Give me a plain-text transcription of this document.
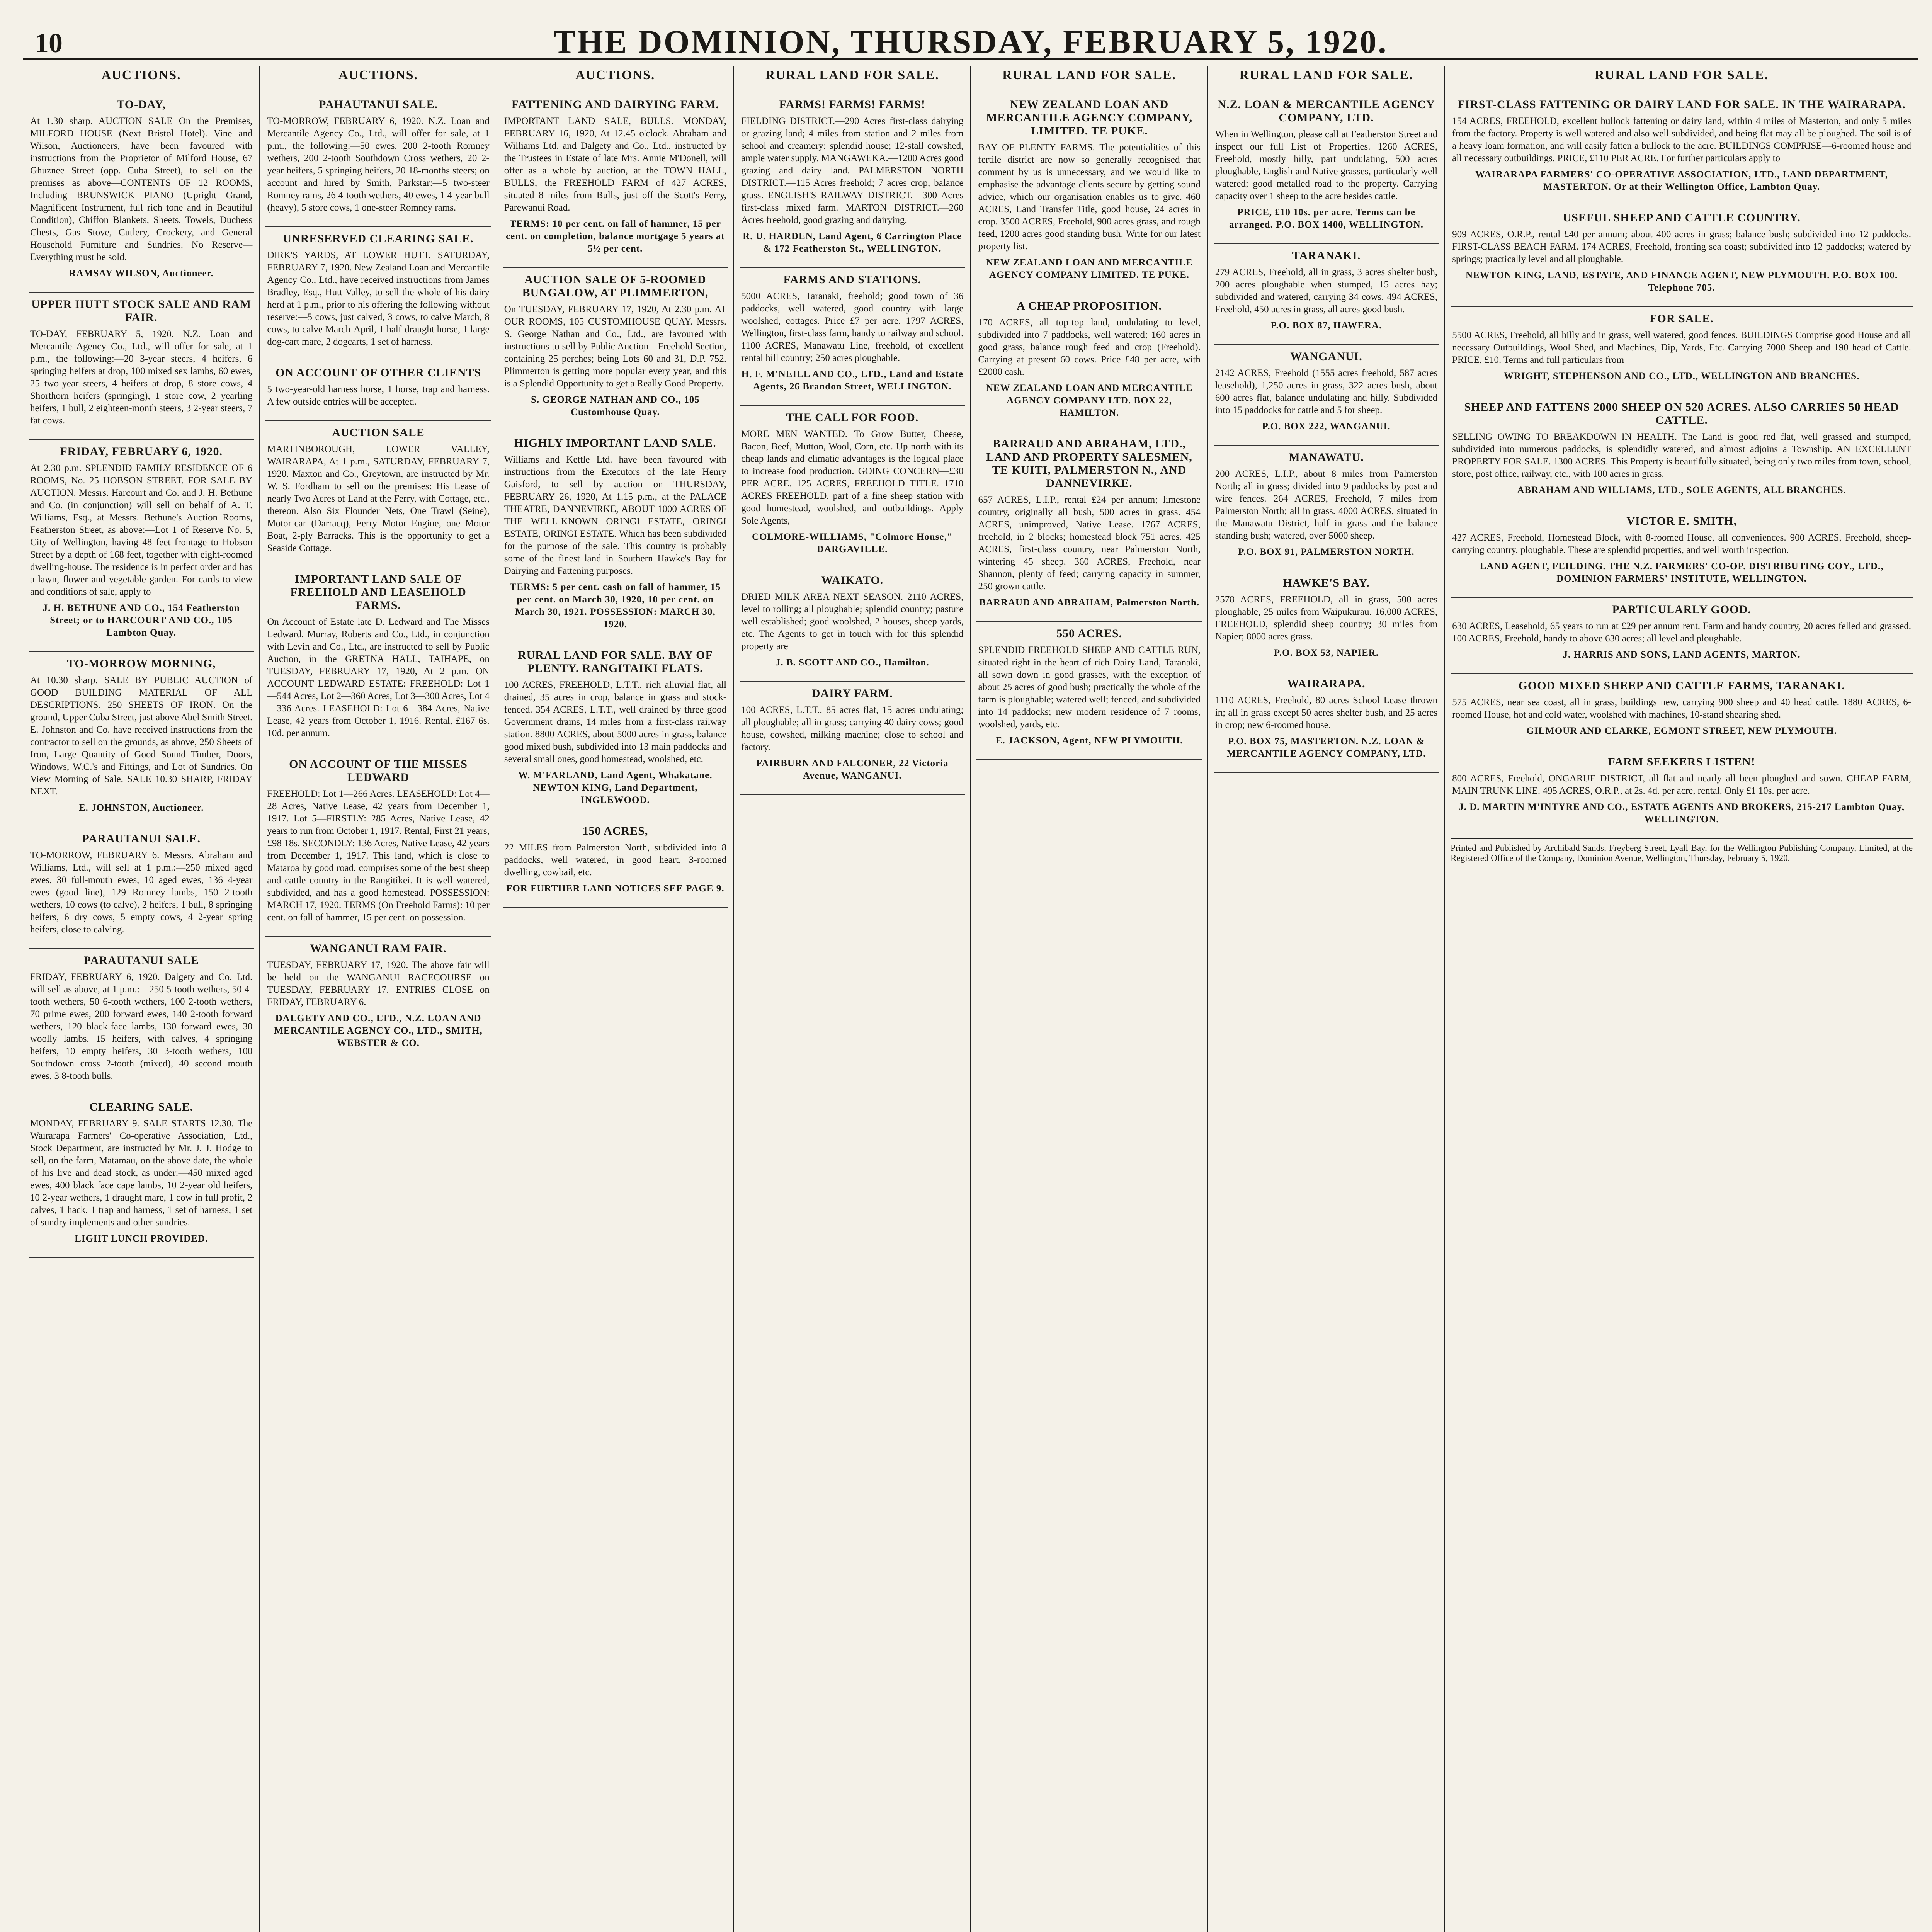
10	THE DOMINION, THURSDAY, FEBRUARY 5, 1920.
AUCTIONS.
TO-DAY,

At 1.30 sharp. AUCTION SALE On the Premises, MILFORD HOUSE (Next Bristol Hotel). Vine and Wilson, Auctioneers, have been favoured with instructions from the Proprietor of Milford House, 67 Ghuznee Street (opp. Cuba Street), to sell on the premises as above—CONTENTS OF 12 ROOMS, Including BRUNSWICK PIANO (Upright Grand, Magnificent Instrument, full rich tone and in Beautiful Condition), Chiffon Blankets, Sheets, Towels, Duchess Chests, Gas Stove, Cutlery, Crockery, and General Household Furniture and Sundries. No Reserve—Everything must be sold.

RAMSAY WILSON, Auctioneer.

UPPER HUTT STOCK SALE AND RAM FAIR.

TO-DAY, FEBRUARY 5, 1920. N.Z. Loan and Mercantile Agency Co., Ltd., will offer for sale, at 1 p.m., the following:—20 3-year steers, 4 heifers, 6 springing heifers at drop, 100 mixed sex lambs, 60 ewes, 25 two-year steers, 4 heifers at drop, 8 store cows, 4 Shorthorn heifers (springing), 1 store cow, 2 yearling heifers, 1 bull, 2 eighteen-month steers, 3 2-year steers, 7 fat cows.

FRIDAY, FEBRUARY 6, 1920.

At 2.30 p.m. SPLENDID FAMILY RESIDENCE OF 6 ROOMS, No. 25 HOBSON STREET. FOR SALE BY AUCTION. Messrs. Harcourt and Co. and J. H. Bethune and Co. (in conjunction) will sell on behalf of A. T. Williams, Esq., at Messrs. Bethune's Auction Rooms, Featherston Street, as above:—Lot 1 of Reserve No. 5, City of Wellington, having 48 feet frontage to Hobson Street by a depth of 168 feet, together with eight-roomed dwelling-house. The residence is in perfect order and has a lawn, flower and vegetable garden. For cards to view and conditions of sale, apply to

J. H. BETHUNE AND CO., 154 Featherston Street; or to HARCOURT AND CO., 105 Lambton Quay.

TO-MORROW MORNING,

At 10.30 sharp. SALE BY PUBLIC AUCTION of GOOD BUILDING MATERIAL OF ALL DESCRIPTIONS. 250 SHEETS OF IRON. On the ground, Upper Cuba Street, just above Abel Smith Street. E. Johnston and Co. have received instructions from the contractor to sell on the grounds, as above, 250 Sheets of Iron, Large Quantity of Good Sound Timber, Doors, Windows, W.C.'s and Fittings, and Lot of Sundries. On View Morning of Sale. SALE 10.30 SHARP, FRIDAY NEXT.

E. JOHNSTON, Auctioneer.

PARAUTANUI SALE.

TO-MORROW, FEBRUARY 6. Messrs. Abraham and Williams, Ltd., will sell at 1 p.m.:—250 mixed aged ewes, 30 full-mouth ewes, 10 aged ewes, 136 4-year ewes (good line), 129 Romney lambs, 150 2-tooth wethers, 10 cows (to calve), 2 heifers, 1 bull, 8 springing heifers, 6 dry cows, 5 empty cows, 4 2-year spring heifers, close to calving.

PARAUTANUI SALE

FRIDAY, FEBRUARY 6, 1920. Dalgety and Co. Ltd. will sell as above, at 1 p.m.:—250 5-tooth wethers, 50 4-tooth wethers, 50 6-tooth wethers, 100 2-tooth wethers, 70 prime ewes, 200 forward ewes, 140 2-tooth forward wethers, 120 black-face lambs, 130 forward ewes, 30 woolly lambs, 15 heifers, with calves, 4 springing heifers, 10 empty heifers, 30 3-tooth wethers, 100 Southdown cross 2-tooth (mixed), 40 second mouth ewes, 3 8-tooth bulls.

CLEARING SALE.

MONDAY, FEBRUARY 9. SALE STARTS 12.30. The Wairarapa Farmers' Co-operative Association, Ltd., Stock Department, are instructed by Mr. J. J. Hodge to sell, on the farm, Matamau, on the above date, the whole of his live and dead stock, as under:—450 mixed aged ewes, 400 black face cape lambs, 10 2-year old heifers, 10 2-year wethers, 1 draught mare, 1 cow in full profit, 2 calves, 1 hack, 1 trap and harness, 1 set of harness, 1 set of sundry implements and other sundries.

LIGHT LUNCH PROVIDED.

AUCTIONS.
PAHAUTANUI SALE.

TO-MORROW, FEBRUARY 6, 1920. N.Z. Loan and Mercantile Agency Co., Ltd., will offer for sale, at 1 p.m., the following:—50 ewes, 200 2-tooth Romney wethers, 200 2-tooth Southdown Cross wethers, 20 2-year heifers, 5 springing heifers, 20 18-months steers; on account and hired by Smith, Parkstar:—5 two-steer Romney rams, 26 4-tooth wethers, 40 ewes, 1 4-year bull (heavy), 5 store cows, 1 one-steer Romney rams.

UNRESERVED CLEARING SALE.

DIRK'S YARDS, AT LOWER HUTT. SATURDAY, FEBRUARY 7, 1920. New Zealand Loan and Mercantile Agency Co., Ltd., have received instructions from James Bradley, Esq., Hutt Valley, to sell the whole of his dairy herd at 1 p.m., prior to his offering the following without reserve:—5 cows, just calved, 3 cows, to calve March, 8 cows, to calve March-April, 1 half-draught horse, 1 large dog-cart mare, 2 dogcarts, 1 set of harness.

ON ACCOUNT OF OTHER CLIENTS

5 two-year-old harness horse, 1 horse, trap and harness. A few outside entries will be accepted.

AUCTION SALE

MARTINBOROUGH, LOWER VALLEY, WAIRARAPA, At 1 p.m., SATURDAY, FEBRUARY 7, 1920. Maxton and Co., Greytown, are instructed by Mr. W. S. Fordham to sell on the premises: His Lease of nearly Two Acres of Land at the Ferry, with Cottage, etc., thereon. Also Six Flounder Nets, One Trawl (Seine), Motor-car (Darracq), Ferry Motor Engine, one Motor Boat, 2-ply Barracks. This is the opportunity to get a Seaside Cottage.

IMPORTANT LAND SALE OF FREEHOLD AND LEASEHOLD FARMS.

On Account of Estate late D. Ledward and The Misses Ledward. Murray, Roberts and Co., Ltd., in conjunction with Levin and Co., Ltd., are instructed to sell by Public Auction, in the GRETNA HALL, TAIHAPE, on TUESDAY, FEBRUARY 17, 1920, At 2 p.m. ON ACCOUNT LEDWARD ESTATE: FREEHOLD: Lot 1—544 Acres, Lot 2—360 Acres, Lot 3—300 Acres, Lot 4—336 Acres. LEASEHOLD: Lot 6—384 Acres, Native Lease, 42 years from October 1, 1916. Rental, £167 6s. 10d. per annum.

ON ACCOUNT OF THE MISSES LEDWARD

FREEHOLD: Lot 1—266 Acres. LEASEHOLD: Lot 4—28 Acres, Native Lease, 42 years from December 1, 1917. Lot 5—FIRSTLY: 285 Acres, Native Lease, 42 years to run from October 1, 1917. Rental, First 21 years, £98 18s. SECONDLY: 136 Acres, Native Lease, 42 years from December 1, 1917. This land, which is close to Mataroa by good road, comprises some of the best sheep and cattle country in the Rangitikei. It is well watered, subdivided, and has a good homestead. POSSESSION: MARCH 17, 1920. TERMS (On Freehold Farms): 10 per cent. on fall of hammer, 15 per cent. on possession.

WANGANUI RAM FAIR.

TUESDAY, FEBRUARY 17, 1920. The above fair will be held on the WANGANUI RACECOURSE on TUESDAY, FEBRUARY 17. ENTRIES CLOSE on FRIDAY, FEBRUARY 6.

DALGETY AND CO., LTD., N.Z. LOAN AND MERCANTILE AGENCY CO., LTD., SMITH, WEBSTER & CO.

AUCTIONS.
FATTENING AND DAIRYING FARM.

IMPORTANT LAND SALE, BULLS. MONDAY, FEBRUARY 16, 1920, At 12.45 o'clock. Abraham and Williams Ltd. and Dalgety and Co., Ltd., instructed by the Trustees in Estate of late Mrs. Annie M'Donell, will offer as a whole by auction, at the TOWN HALL, BULLS, the FREEHOLD FARM of 427 ACRES, situated 8 miles from Bulls, just off the Scott's Ferry, Parewanui Road.

TERMS: 10 per cent. on fall of hammer, 15 per cent. on completion, balance mortgage 5 years at 5½ per cent.

AUCTION SALE OF 5-ROOMED BUNGALOW, AT PLIMMERTON,

On TUESDAY, FEBRUARY 17, 1920, At 2.30 p.m. AT OUR ROOMS, 105 CUSTOMHOUSE QUAY. Messrs. S. George Nathan and Co., Ltd., are favoured with instructions to sell by Public Auction—Freehold Section, containing 25 perches; being Lots 60 and 31, D.P. 752. Plimmerton is getting more popular every year, and this is a Splendid Opportunity to get a Really Good Property.

S. GEORGE NATHAN AND CO., 105 Customhouse Quay.

HIGHLY IMPORTANT LAND SALE.

Williams and Kettle Ltd. have been favoured with instructions from the Executors of the late Henry Gaisford, to sell by auction on THURSDAY, FEBRUARY 26, 1920, At 1.15 p.m., at the PALACE THEATRE, DANNEVIRKE, ABOUT 1000 ACRES OF THE WELL-KNOWN ORINGI ESTATE, ORINGI ESTATE, ORINGI ESTATE. Which has been subdivided for the purpose of the sale. This country is probably some of the finest land in Southern Hawke's Bay for Dairying and Fattening purposes.

TERMS: 5 per cent. cash on fall of hammer, 15 per cent. on March 30, 1920, 10 per cent. on March 30, 1921. POSSESSION: MARCH 30, 1920.

RURAL LAND FOR SALE. BAY OF PLENTY. RANGITAIKI FLATS.

100 ACRES, FREEHOLD, L.T.T., rich alluvial flat, all drained, 35 acres in crop, balance in grass and stock-fenced. 354 ACRES, L.T.T., well drained by three good Government drains, 14 miles from a first-class railway station. 8800 ACRES, about 5000 acres in grass, balance good mixed bush, subdivided into 13 main paddocks and several small ones, good homestead, woolshed, etc.

W. M'FARLAND, Land Agent, Whakatane. NEWTON KING, Land Department, INGLEWOOD.

150 ACRES,

22 MILES from Palmerston North, subdivided into 8 paddocks, well watered, in good heart, 3-roomed dwelling, cowbail, etc.

FOR FURTHER LAND NOTICES SEE PAGE 9.

RURAL LAND FOR SALE.
FARMS! FARMS! FARMS!

FIELDING DISTRICT.—290 Acres first-class dairying or grazing land; 4 miles from station and 2 miles from school and creamery; splendid house; 12-stall cowshed, ample water supply. MANGAWEKA.—1200 Acres good grazing and dairy land. PALMERSTON NORTH DISTRICT.—115 Acres freehold; 7 acres crop, balance grass. ENGLISH'S RAILWAY DISTRICT.—300 Acres first-class mixed farm. MARTON DISTRICT.—260 Acres freehold, good grazing and dairying.

R. U. HARDEN, Land Agent, 6 Carrington Place & 172 Featherston St., WELLINGTON.

FARMS AND STATIONS.

5000 ACRES, Taranaki, freehold; good town of 36 paddocks, well watered, good country with large woolshed, cottages. Price £7 per acre. 1797 ACRES, Wellington, first-class farm, handy to railway and school. 1100 ACRES, Manawatu Line, freehold, of excellent rental hill country; 250 acres ploughable.

H. F. M'NEILL AND CO., LTD., Land and Estate Agents, 26 Brandon Street, WELLINGTON.

THE CALL FOR FOOD.

MORE MEN WANTED. To Grow Butter, Cheese, Bacon, Beef, Mutton, Wool, Corn, etc. Up north with its cheap lands and climatic advantages is the logical place to increase food production. GOING CONCERN—£30 PER ACRE. 125 ACRES, FREEHOLD TITLE. 1710 ACRES FREEHOLD, part of a fine sheep station with good homestead, woolshed, and outbuildings. Apply Sole Agents,

COLMORE-WILLIAMS, "Colmore House," DARGAVILLE.

WAIKATO.

DRIED MILK AREA NEXT SEASON. 2110 ACRES, level to rolling; all ploughable; splendid country; pasture well established; good woolshed, 2 houses, sheep yards, etc. The Agents to get in touch with for this splendid property are

J. B. SCOTT AND CO., Hamilton.

DAIRY FARM.

100 ACRES, L.T.T., 85 acres flat, 15 acres undulating; all ploughable; all in grass; carrying 40 dairy cows; good house, cowshed, milking machine; close to school and factory.

FAIRBURN AND FALCONER, 22 Victoria Avenue, WANGANUI.

RURAL LAND FOR SALE.
NEW ZEALAND LOAN AND MERCANTILE AGENCY COMPANY, LIMITED. TE PUKE.

BAY OF PLENTY FARMS. The potentialities of this fertile district are now so generally recognised that comment by us is unnecessary, and we would like to emphasise the advantage clients secure by getting sound advice, which our organisation enables us to give. 460 ACRES, Land Transfer Title, good house, 24 acres in crop. 3500 ACRES, Freehold, 900 acres grass, and rough feed, 1200 acres good standing bush. Write for our latest property list.

NEW ZEALAND LOAN AND MERCANTILE AGENCY COMPANY LIMITED. TE PUKE.

A CHEAP PROPOSITION.

170 ACRES, all top-top land, undulating to level, subdivided into 7 paddocks, well watered; 160 acres in good grass, balance rough feed and crop (Freehold). Carrying at present 60 cows. Price £48 per acre, with £2000 cash.

NEW ZEALAND LOAN AND MERCANTILE AGENCY COMPANY LTD. BOX 22, HAMILTON.

BARRAUD AND ABRAHAM, LTD., LAND AND PROPERTY SALESMEN, TE KUITI, PALMERSTON N., AND DANNEVIRKE.

657 ACRES, L.I.P., rental £24 per annum; limestone country, originally all bush, 500 acres in grass. 454 ACRES, unimproved, Native Lease. 1767 ACRES, freehold, in 2 blocks; homestead block 751 acres. 425 ACRES, first-class country, near Palmerston North, wintering 45 sheep. 360 ACRES, Freehold, near Shannon, plenty of feed; carrying capacity in summer, 250 grown cattle.

BARRAUD AND ABRAHAM, Palmerston North.

550 ACRES.

SPLENDID FREEHOLD SHEEP AND CATTLE RUN, situated right in the heart of rich Dairy Land, Taranaki, all sown down in good grasses, with the exception of about 25 acres of good bush; practically the whole of the farm is ploughable; watered well; fenced, and subdivided into 14 paddocks; new modern residence of 7 rooms, woolshed, yards, etc.

E. JACKSON, Agent, NEW PLYMOUTH.

RURAL LAND FOR SALE.
N.Z. LOAN & MERCANTILE AGENCY COMPANY, LTD.

When in Wellington, please call at Featherston Street and inspect our full List of Properties. 1260 ACRES, Freehold, mostly hilly, part undulating, 500 acres ploughable, English and Native grasses, particularly well watered; good metalled road to the property. Carrying capacity over 1 sheep to the acre besides cattle.

PRICE, £10 10s. per acre. Terms can be arranged. P.O. BOX 1400, WELLINGTON.

TARANAKI.

279 ACRES, Freehold, all in grass, 3 acres shelter bush, 200 acres ploughable when stumped, 15 acres hay; subdivided and watered, carrying 34 cows. 494 ACRES, Freehold, 450 acres in grass, all acres good bush.

P.O. BOX 87, HAWERA.

WANGANUI.

2142 ACRES, Freehold (1555 acres freehold, 587 acres leasehold), 1,250 acres in grass, 322 acres bush, about 600 acres flat, balance undulating and hilly. Subdivided into 15 paddocks for cattle and 5 for sheep.

P.O. BOX 222, WANGANUI.

MANAWATU.

200 ACRES, L.I.P., about 8 miles from Palmerston North; all in grass; divided into 9 paddocks by post and wire fences. 264 ACRES, Freehold, 7 miles from Palmerston North; all in grass. 4000 ACRES, situated in the Manawatu District, half in grass and the balance standing bush; watered, over 5000 sheep.

P.O. BOX 91, PALMERSTON NORTH.

HAWKE'S BAY.

2578 ACRES, FREEHOLD, all in grass, 500 acres ploughable, 25 miles from Waipukurau. 16,000 ACRES, FREEHOLD, splendid sheep country; 30 miles from Napier; 8000 acres grass.

P.O. BOX 53, NAPIER.

WAIRARAPA.

1110 ACRES, Freehold, 80 acres School Lease thrown in; all in grass except 50 acres shelter bush, and 25 acres in crop; new 6-roomed house.

P.O. BOX 75, MASTERTON. N.Z. LOAN & MERCANTILE AGENCY COMPANY, LTD.

RURAL LAND FOR SALE.
FIRST-CLASS FATTENING OR DAIRY LAND FOR SALE. IN THE WAIRARAPA.

154 ACRES, FREEHOLD, excellent bullock fattening or dairy land, within 4 miles of Masterton, and only 5 miles from the factory. Property is well watered and also well subdivided, and being flat may all be ploughed. The soil is of a heavy loam formation, and will easily fatten a bullock to the acre. BUILDINGS COMPRISE—6-roomed house and all necessary outbuildings. PRICE, £110 PER ACRE. For further particulars apply to

WAIRARAPA FARMERS' CO-OPERATIVE ASSOCIATION, LTD., LAND DEPARTMENT, MASTERTON. Or at their Wellington Office, Lambton Quay.

USEFUL SHEEP AND CATTLE COUNTRY.

909 ACRES, O.R.P., rental £40 per annum; about 400 acres in grass; balance bush; subdivided into 12 paddocks. FIRST-CLASS BEACH FARM. 174 ACRES, Freehold, fronting sea coast; subdivided into 12 paddocks; watered by springs; practically level and all ploughable.

NEWTON KING, LAND, ESTATE, AND FINANCE AGENT, NEW PLYMOUTH. P.O. BOX 100. Telephone 705.

FOR SALE.

5500 ACRES, Freehold, all hilly and in grass, well watered, good fences. BUILDINGS Comprise good House and all necessary Outbuildings, Wool Shed, and Machines, Dip, Yards, Etc. Carrying 7000 Sheep and 190 head of Cattle. PRICE, £10. Terms and full particulars from

WRIGHT, STEPHENSON AND CO., LTD., WELLINGTON AND BRANCHES.

SHEEP AND FATTENS 2000 SHEEP ON 520 ACRES. ALSO CARRIES 50 HEAD CATTLE.

SELLING OWING TO BREAKDOWN IN HEALTH. The Land is good red flat, well grassed and stumped, subdivided into numerous paddocks, is splendidly watered, and almost adjoins a Township. AN EXCELLENT PROPERTY FOR SALE. 1300 ACRES. This Property is beautifully situated, being only two miles from town, school, store, post office, railway, etc., with 100 acres in grass.

ABRAHAM AND WILLIAMS, LTD., SOLE AGENTS, ALL BRANCHES.

VICTOR E. SMITH,

427 ACRES, Freehold, Homestead Block, with 8-roomed House, all conveniences. 900 ACRES, Freehold, sheep-carrying country, ploughable. These are splendid properties, and well worth inspection.

LAND AGENT, FEILDING. THE N.Z. FARMERS' CO-OP. DISTRIBUTING COY., LTD., DOMINION FARMERS' INSTITUTE, WELLINGTON.

PARTICULARLY GOOD.

630 ACRES, Leasehold, 65 years to run at £29 per annum rent. Farm and handy country, 20 acres felled and grassed. 100 ACRES, Freehold, handy to above 630 acres; all level and ploughable.

J. HARRIS AND SONS, LAND AGENTS, MARTON.

GOOD MIXED SHEEP AND CATTLE FARMS, TARANAKI.

575 ACRES, near sea coast, all in grass, buildings new, carrying 900 sheep and 40 head cattle. 1880 ACRES, 6-roomed House, hot and cold water, woolshed with machines, 10-stand shearing shed.

GILMOUR AND CLARKE, EGMONT STREET, NEW PLYMOUTH.

FARM SEEKERS LISTEN!

800 ACRES, Freehold, ONGARUE DISTRICT, all flat and nearly all been ploughed and sown. CHEAP FARM, MAIN TRUNK LINE. 495 ACRES, O.R.P., at 2s. 4d. per acre, rental. Only £1 10s. per acre.

J. D. MARTIN M'INTYRE AND CO., ESTATE AGENTS AND BROKERS, 215-217 Lambton Quay, WELLINGTON.

Printed and Published by Archibald Sands, Freyberg Street, Lyall Bay, for the Wellington Publishing Company, Limited, at the Registered Office of the Company, Dominion Avenue, Wellington, Thursday, February 5, 1920.
